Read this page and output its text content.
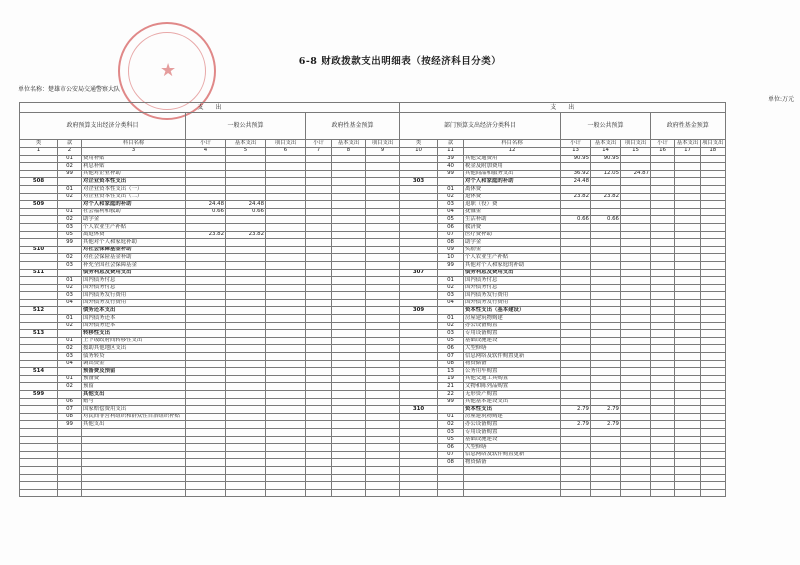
6-8 财政拨款支出明细表（按经济科目分类）
单位名称：楚雄市公安局交通警察大队
单位:万元
★
支　　出									支　　出								
政府预算支出经济分类科目			一般公共预算			政府性基金预算			部门预算支出经济分类科目			一般公共预算			政府性基金预算		
类	款	科目名称	小计	基本支出	项目支出	小计	基本支出	项目支出	类	款	科目名称	小计	基本支出	项目支出	小计	基本支出	项目支出
1	2	3	4	5	6	7	8	9	10	11	12	13	14	15	16	17	18
	01	费用补贴								39	其他交通费用	90.95	90.95				
	02	利息补贴								40	税金及附加费用						
	99	其他对企业补助								99	其他商品和服务支出	36.92	12.05	24.87			
508		对企业资本性支出							303		对个人和家庭的补助	24.48					
	01	对企业资本性支出（一）								01	离休费						
	02	对企业资本性支出（二）								02	退休费	23.82	23.82				
509		对个人和家庭的补助	24.48	24.48						03	退职（役）费						
	01	社会福利和救助	0.66	0.66						04	抚恤金						
	02	助学金								05	生活补助	0.66	0.66				
	03	个人农业生产补贴								06	救济费						
	05	离退休费	23.82	23.82						07	医疗费补助						
	99	其他对个人和家庭补助								08	助学金						
510		对社会保障基金补助								09	奖励金						
	02	对社会保险基金补助								10	个人农业生产补贴						
	03	补充全国社会保障基金								99	其他对个人和家庭的补助						
511		债务利息及费用支出							307		债务利息及费用支出						
	01	国内债务付息								01	国内债务付息						
	02	国外债务付息								02	国外债务付息						
	03	国内债务发行费用								03	国内债务发行费用						
	04	国外债务发行费用								04	国外债务发行费用						
512		债务还本支出							309		资本性支出（基本建设）						
	01	国内债务还本								01	房屋建筑物购建						
	02	国外债务还本								02	办公设备购置						
513		转移性支出								03	专用设备购置						
	01	上下级政府间转移性支出								05	基础设施建设						
	02	援助其他地区支出								06	大型修缮						
	03	债务转贷								07	信息网络及软件购置更新						
	04	调出资金								08	物资储备						
514		预备费及预留								13	公务用车购置						
	01	预备费								19	其他交通工具购置						
	02	预留								21	文物和陈列品购置						
599		其他支出								22	无形资产购置						
	06	赠与								99	其他基本建设支出						
	07	国家赔偿费用支出							310		资本性支出	2.79	2.79				
	08	对民间非营利组织和群众性自治组织补贴								01	房屋建筑物购建						
	99	其他支出								02	办公设备购置	2.79	2.79				
										03	专用设备购置						
										05	基础设施建设						
										06	大型修缮						
										07	信息网络及软件购置更新						
										08	物资储备						
